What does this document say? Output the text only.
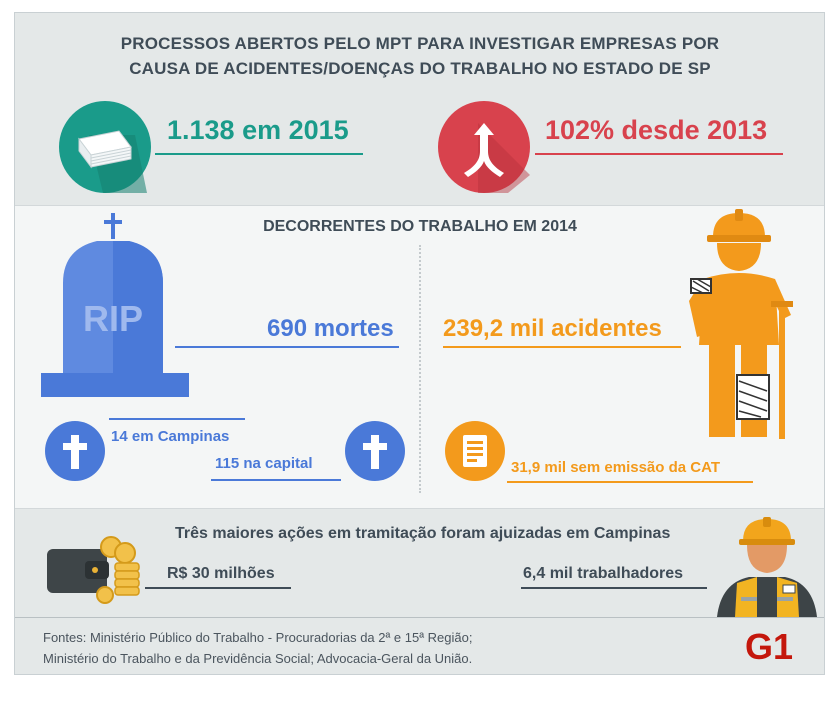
PROCESSOS ABERTOS PELO MPT PARA INVESTIGAR EMPRESAS POR
CAUSA DE ACIDENTES/DOENÇAS DO TRABALHO NO ESTADO DE SP
1.138 em 2015	102% desde 2013
DECORRENTES DO TRABALHO EM 2014
RIP	690 mortes
14 em Campinas
115 na capital
239,2 mil acidentes
31,9 mil sem emissão da CAT
Três maiores ações em tramitação foram ajuizadas em Campinas
R$ 30 milhões	6,4 mil trabalhadores
Fontes: Ministério Público do Trabalho - Procuradorias da 2ª e 15ª Região;
Ministério do Trabalho e da Previdência Social; Advocacia-Geral da União.	G1
